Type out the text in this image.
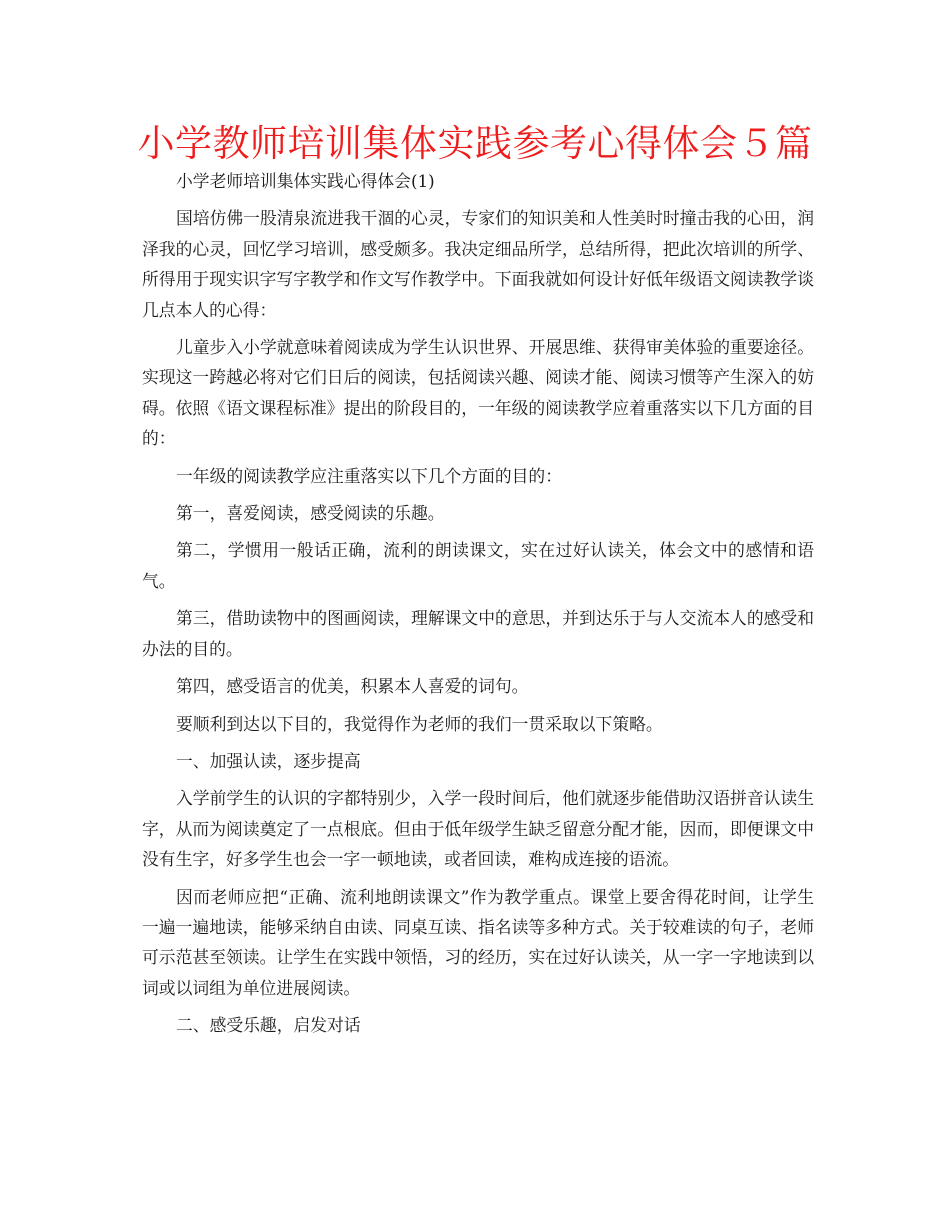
小学教师培训集体实践参考心得体会５篇

小学老师培训集体实践心得体会(1)

国培仿佛一股清泉流进我干涸的心灵，专家们的知识美和人性美时时撞击我的心田，润泽我的心灵，回忆学习培训，感受颇多。我决定细品所学，总结所得，把此次培训的所学、所得用于现实识字写字教学和作文写作教学中。下面我就如何设计好低年级语文阅读教学谈几点本人的心得：

儿童步入小学就意味着阅读成为学生认识世界、开展思维、获得审美体验的重要途径。实现这一跨越必将对它们日后的阅读，包括阅读兴趣、阅读才能、阅读习惯等产生深入的妨碍。依照《语文课程标准》提出的阶段目的，一年级的阅读教学应着重落实以下几方面的目的：

一年级的阅读教学应注重落实以下几个方面的目的：

第一，喜爱阅读，感受阅读的乐趣。

第二，学惯用一般话正确，流利的朗读课文，实在过好认读关，体会文中的感情和语气。

第三，借助读物中的图画阅读，理解课文中的意思，并到达乐于与人交流本人的感受和办法的目的。

第四，感受语言的优美，积累本人喜爱的词句。

要顺利到达以下目的，我觉得作为老师的我们一贯采取以下策略。

一、加强认读，逐步提高

入学前学生的认识的字都特别少，入学一段时间后，他们就逐步能借助汉语拼音认读生字，从而为阅读奠定了一点根底。但由于低年级学生缺乏留意分配才能，因而，即便课文中没有生字，好多学生也会一字一顿地读，或者回读，难构成连接的语流。

因而老师应把“正确、流利地朗读课文”作为教学重点。课堂上要舍得花时间，让学生一遍一遍地读，能够采纳自由读、同桌互读、指名读等多种方式。关于较难读的句子，老师可示范甚至领读。让学生在实践中领悟，习的经历，实在过好认读关，从一字一字地读到以词或以词组为单位进展阅读。

二、感受乐趣，启发对话
